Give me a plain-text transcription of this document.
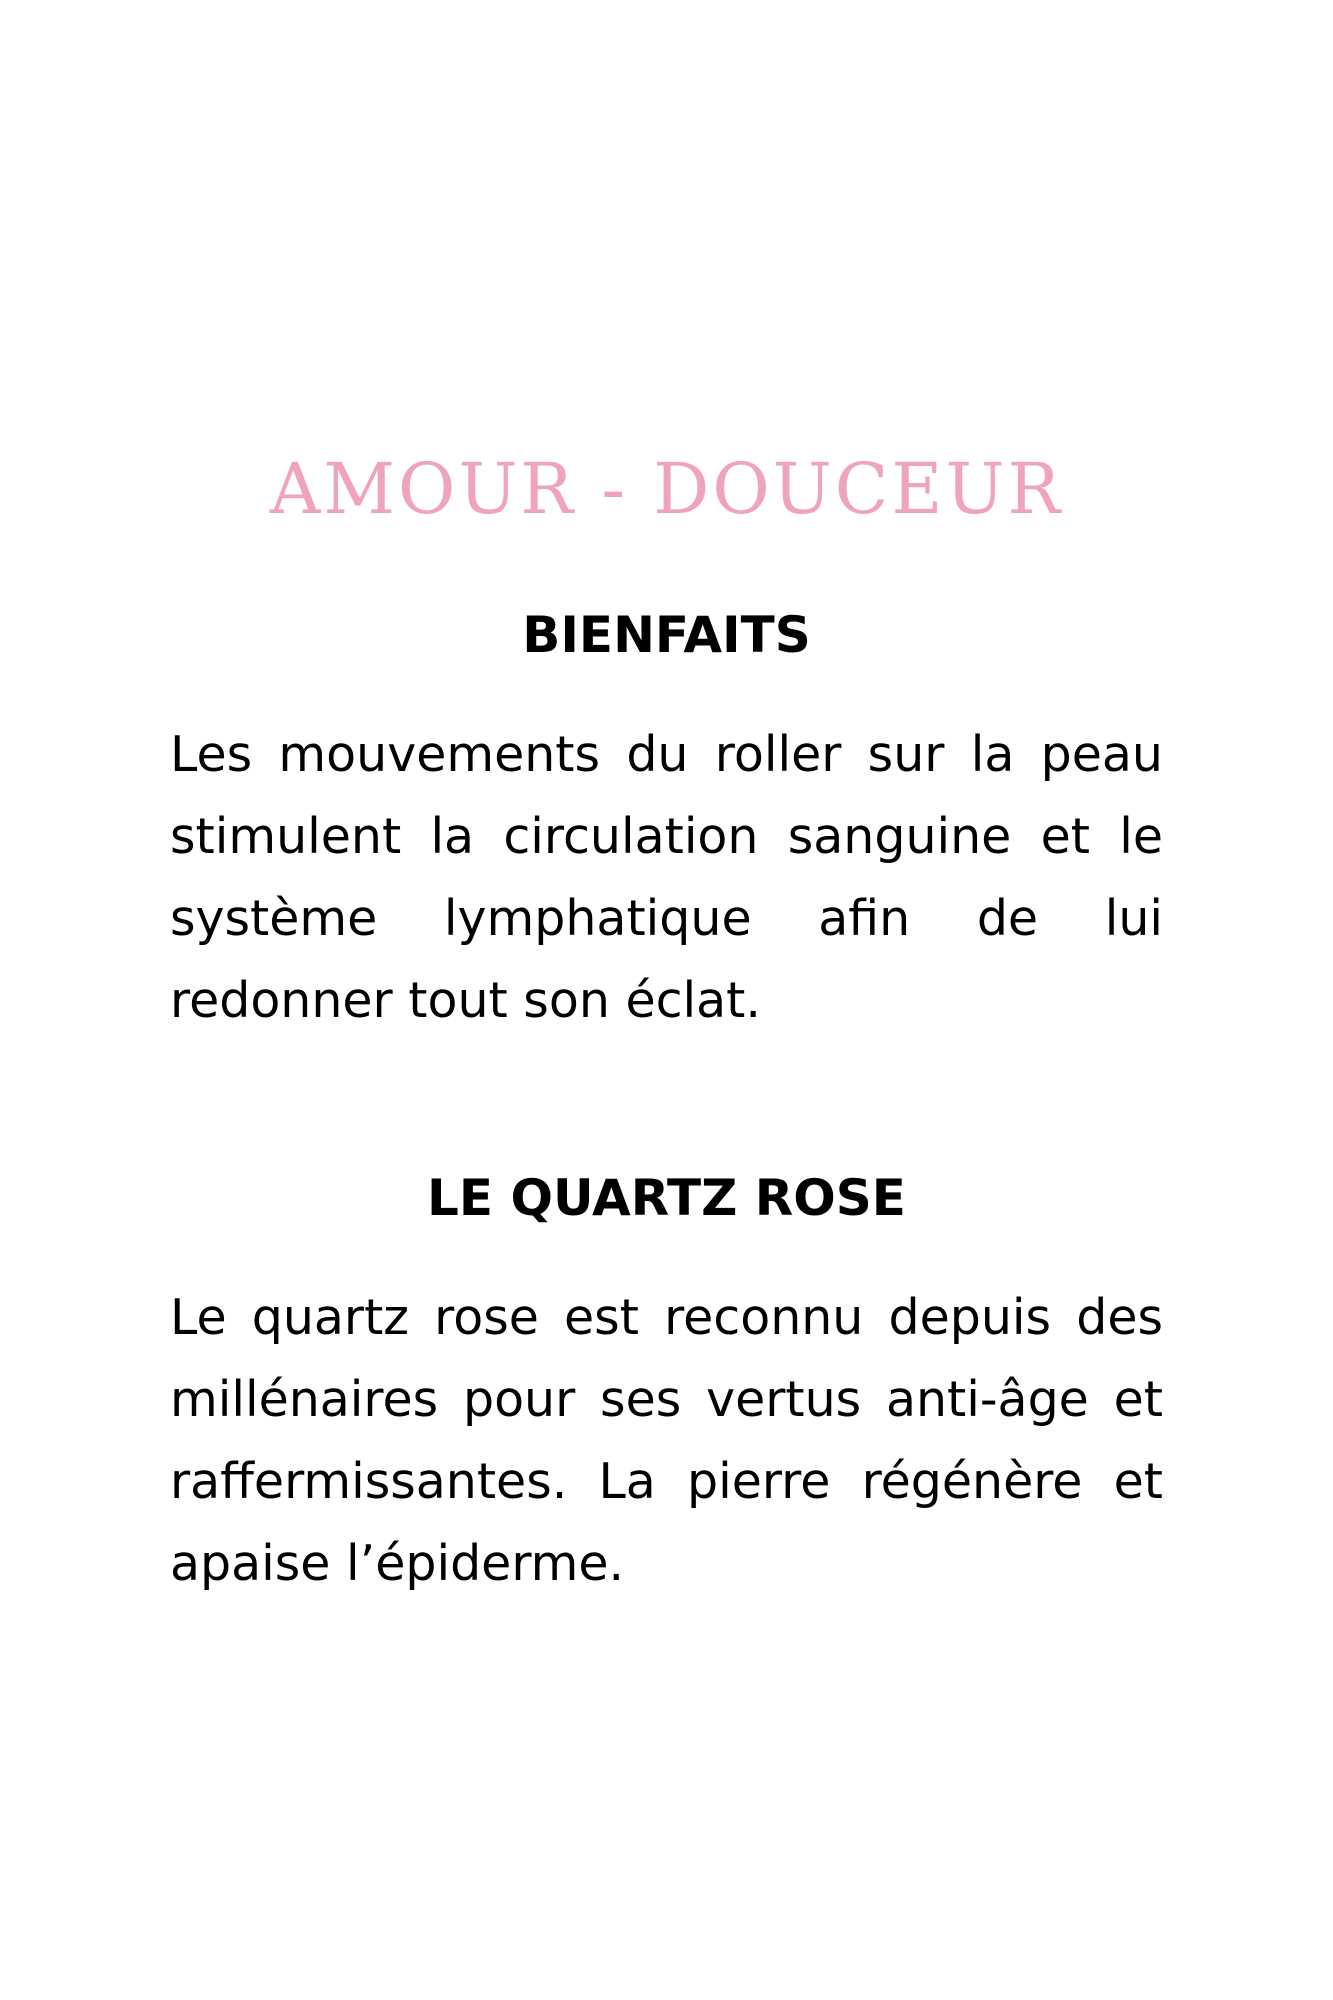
AMOUR - DOUCEUR
BIENFAITS

Les mouvements du roller sur la peau stimulent la circulation sanguine et le système lymphatique afin de lui redonner tout son éclat.

LE QUARTZ ROSE

Le quartz rose est reconnu depuis des millénaires pour ses vertus anti-âge et raffermissantes. La pierre régénère et apaise l’épiderme.
